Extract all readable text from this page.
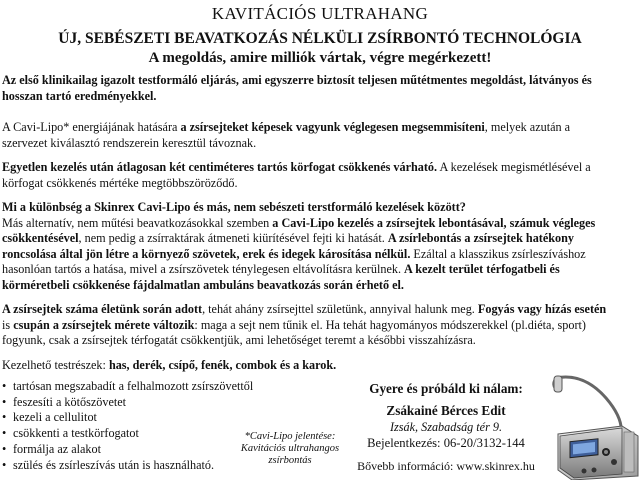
KAVITÁCIÓS ULTRAHANG
ÚJ, SEBÉSZETI BEAVATKOZÁS NÉLKÜLI ZSÍRBONTÓ TECHNOLÓGIA
A megoldás, amire milliók vártak, végre megérkezett!
Az első klinikailag igazolt testformáló eljárás, ami egyszerre biztosít teljesen műtétmentes megoldást, látványos és
hosszan tartó eredményekkel.
A Cavi-Lipo* energiájának hatására a zsírsejteket képesek vagyunk véglegesen megsemmisíteni, melyek azután a
szervezet kiválasztó rendszerein keresztül távoznak.
Egyetlen kezelés után átlagosan két centiméteres tartós körfogat csökkenés várható. A kezelések megismétlésével a
körfogat csökkenés mértéke megtöbbszöröződő.
Mi a különbség a Skinrex Cavi-Lipo és más, nem sebészeti terstformáló kezelések között?
Más alternatív, nem műtési beavatkozásokkal szemben a Cavi-Lipo kezelés a zsírsejtek lebontásával, számuk végleges
csökkentésével, nem pedig a zsírraktárak átmeneti kiürítésével fejti ki hatását. A zsírlebontás a zsírsejtek hatékony
roncsolása által jön létre a környező szövetek, erek és idegek károsítása nélkül. Ezáltal a klasszikus zsírleszíváshoz
hasonlóan tartós a hatása, mivel a zsírszövetek ténylegesen eltávolításra kerülnek. A kezelt terület térfogatbeli és
körméretbeli csökkenése fájdalmatlan ambuláns beavatkozás során érhető el.
A zsírsejtek száma életünk során adott, tehát ahány zsírsejttel születünk, annyival halunk meg. Fogyás vagy hízás esetén
is csupán a zsírsejtek mérete változik: maga a sejt nem tűnik el. Ha tehát hagyományos módszerekkel (pl.diéta, sport)
fogyunk, csak a zsírsejtek térfogatát csökkentjük, ami lehetőséget teremt a későbbi visszahízásra.
Kezelhető testrészek: has, derék, csípő, fenék, combok és a karok.
• tartósan megszabadít a felhalmozott zsírszövettől
• feszesíti a kötőszövetet
• kezeli a cellulitot
• csökkenti a testkörfogatot
• formálja az alakot
• szülés és zsírleszívás után is használható.
*Cavi-Lipo jelentése:
Kavitációs ultrahangos
zsírbontás
Gyere és próbáld ki nálam:
Zsákainé Bérces Edit
Izsák, Szabadság tér 9.
Bejelentkezés: 06-20/3132-144
Bővebb információ: www.skinrex.hu
